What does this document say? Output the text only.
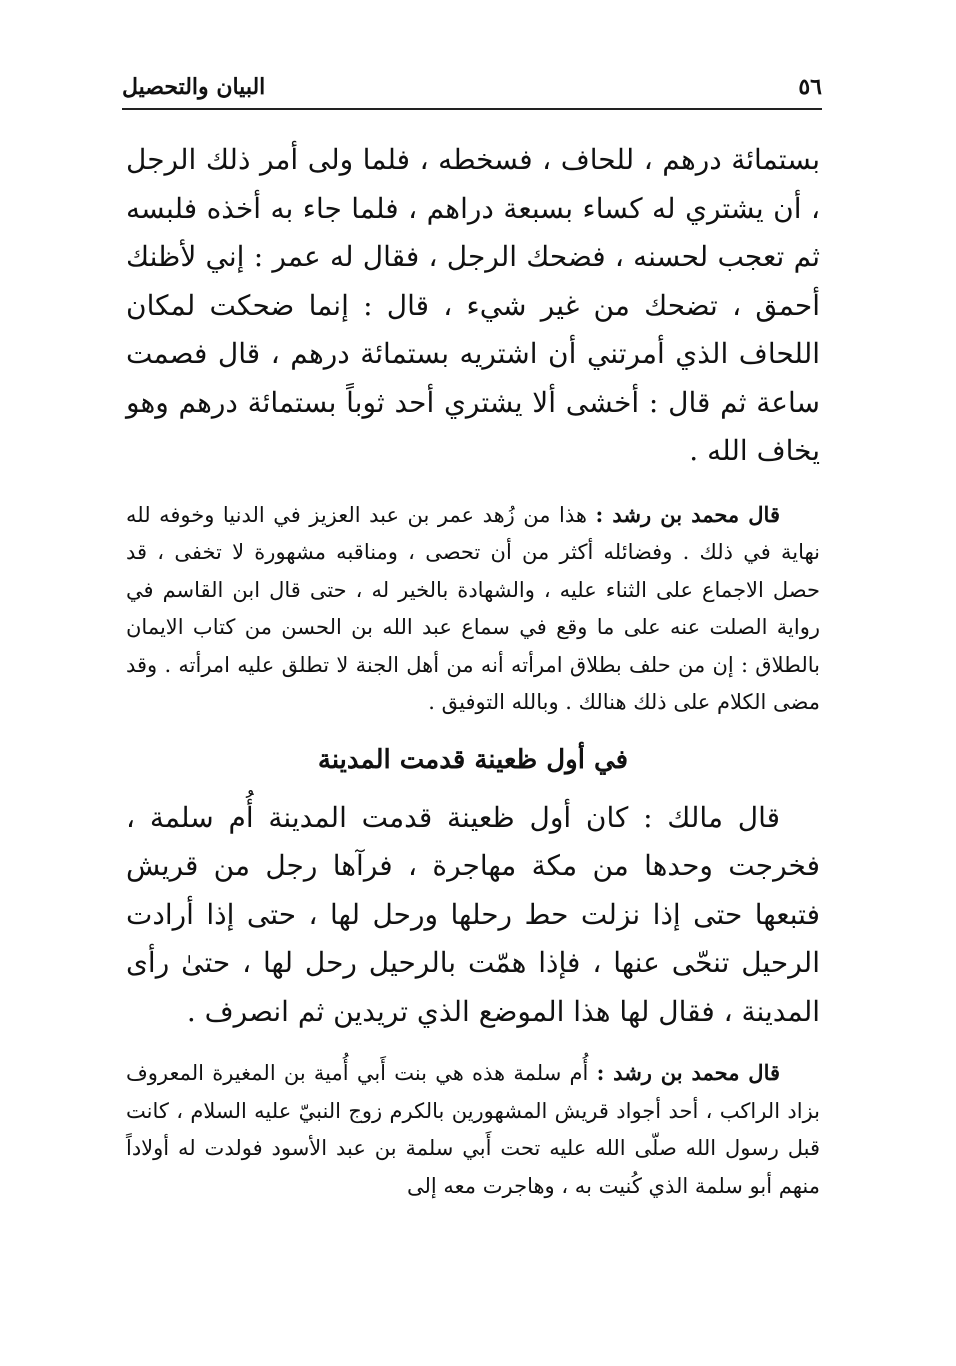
٥٦
البيان والتحصيل

بستمائة درهم ، للحاف ، فسخطه ، فلما ولى أمر ذلك الرجل ، أن يشتري له كساء بسبعة دراهم ، فلما جاء به أخذه فلبسه ثم تعجب لحسنه ، فضحك الرجل ، فقال له عمر : إني لأظنك أحمق ، تضحك من غير شيء ، قال : إنما ضحكت لمكان اللحاف الذي أمرتني أن اشتريه بستمائة درهم ، قال فصمت ساعة ثم قال : أخشى ألا يشتري أحد ثوباً بستمائة درهم وهو يخاف الله .

قال محمد بن رشد : هذا من زُهد عمر بن عبد العزيز في الدنيا وخوفه لله نهاية في ذلك . وفضائله أكثر من أن تحصى ، ومناقبه مشهورة لا تخفى ، قد حصل الاجماع على الثناء عليه ، والشهادة بالخير له ، حتى قال ابن القاسم في رواية الصلت عنه على ما وقع في سماع عبد الله بن الحسن من كتاب الايمان بالطلاق : إن من حلف بطلاق امرأته أنه من أهل الجنة لا تطلق عليه امرأته . وقد مضى الكلام على ذلك هنالك . وبالله التوفيق .

في أول ظعينة قدمت المدينة

قال مالك : كان أول ظعينة قدمت المدينة أُم سلمة ، فخرجت وحدها من مكة مهاجرة ، فرآها رجل من قريش فتبعها حتى إذا نزلت حط رحلها ورحل لها ، حتى إذا أرادت الرحيل تنحّى عنها ، فإذا همّت بالرحيل رحل لها ، حتىٰ رأى المدينة ، فقال لها هذا الموضع الذي تريدين ثم انصرف .

قال محمد بن رشد : أُم سلمة هذه هي بنت أَبي أُمية بن المغيرة المعروف بزاد الراكب ، أحد أجواد قريش المشهورين بالكرم زوج النبيّ عليه السلام ، كانت قبل رسول الله صلّى الله عليه تحت أَبي سلمة بن عبد الأسود فولدت له أولاداً منهم أبو سلمة الذي كُنيت به ، وهاجرت معه إلى
